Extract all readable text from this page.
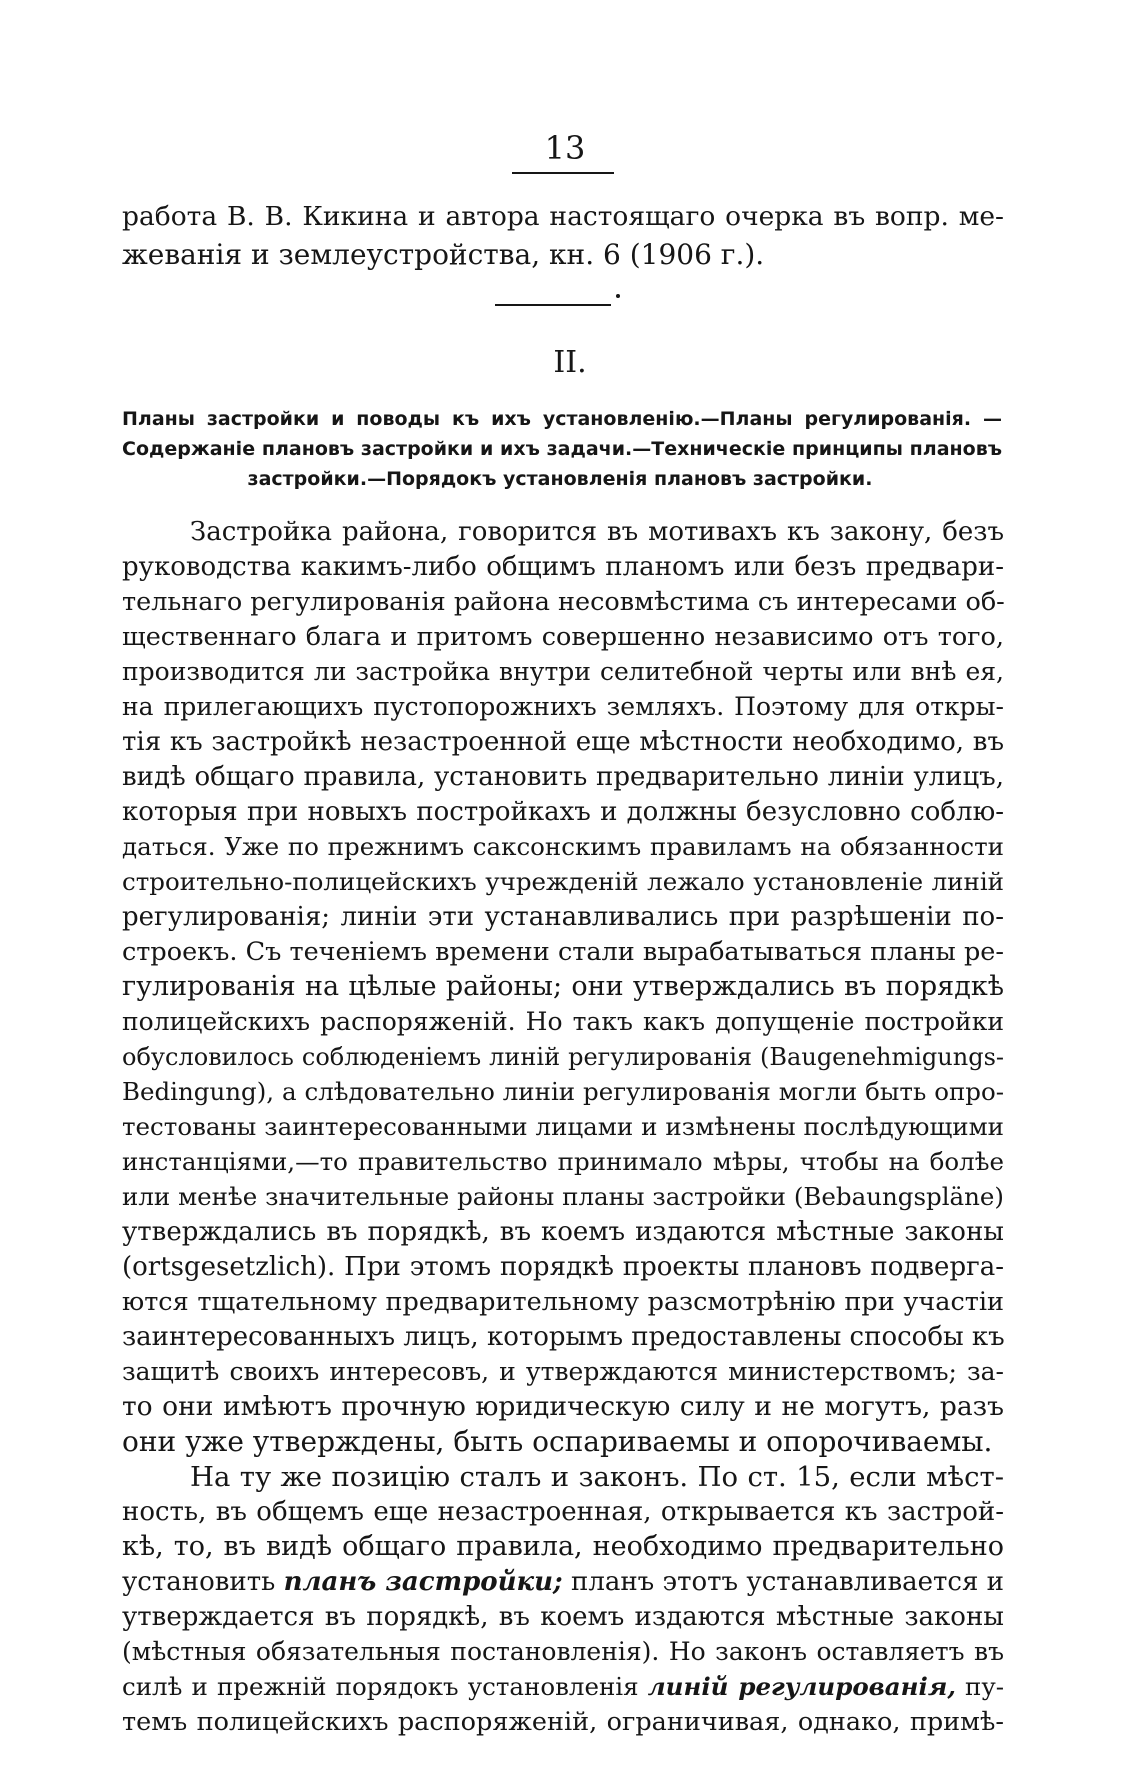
13
работа В. В. Кикина и автора настоящаго очерка въ вопр. ме-
жеванія и землеустройства, кн. 6 (1906 г.).
II.
Планы застройки и поводы къ ихъ установленію.—Планы регулированія. —
Содержаніе плановъ застройки и ихъ задачи.—Техническіе принципы плановъ
застройки.—Порядокъ установленія плановъ застройки.
Застройка района, говорится въ мотивахъ къ закону, безъ
руководства какимъ-либо общимъ планомъ или безъ предвари-
тельнаго регулированія района несовмѣстима съ интересами об-
щественнаго блага и притомъ совершенно независимо отъ того,
производится ли застройка внутри селитебной черты или внѣ ея,
на прилегающихъ пустопорожнихъ земляхъ. Поэтому для откры-
тія къ застройкѣ незастроенной еще мѣстности необходимо, въ
видѣ общаго правила, установить предварительно линіи улицъ,
которыя при новыхъ постройкахъ и должны безусловно соблю-
даться. Уже по прежнимъ саксонскимъ правиламъ на обязанности
строительно-полицейскихъ учрежденій лежало установленіе линій
регулированія; линіи эти устанавливались при разрѣшеніи по-
строекъ. Съ теченіемъ времени стали вырабатываться планы ре-
гулированія на цѣлые районы; они утверждались въ порядкѣ
полицейскихъ распоряженій. Но такъ какъ допущеніе постройки
обусловилось соблюденіемъ линій регулированія (Baugenehmigungs-
Bedingung), а слѣдовательно линіи регулированія могли быть опро-
тестованы заинтересованными лицами и измѣнены послѣдующими
инстанціями,—то правительство принимало мѣры, чтобы на болѣе
или менѣе значительные районы планы застройки (Bebaungspläne)
утверждались въ порядкѣ, въ коемъ издаются мѣстные законы
(ortsgesetzlich). При этомъ порядкѣ проекты плановъ подверга-
ются тщательному предварительному разсмотрѣнію при участіи
заинтересованныхъ лицъ, которымъ предоставлены способы къ
защитѣ своихъ интересовъ, и утверждаются министерствомъ; за-
то они имѣютъ прочную юридическую силу и не могутъ, разъ
они уже утверждены, быть оспариваемы и опорочиваемы.
На ту же позицію сталъ и законъ. По ст. 15, если мѣст-
ность, въ общемъ еще незастроенная, открывается къ застрой-
кѣ, то, въ видѣ общаго правила, необходимо предварительно
установить планъ застройки; планъ этотъ устанавливается и
утверждается въ порядкѣ, въ коемъ издаются мѣстные законы
(мѣстныя обязательныя постановленія). Но законъ оставляетъ въ
силѣ и прежній порядокъ установленія линій регулированія, пу-
темъ полицейскихъ распоряженій, ограничивая, однако, примѣ-
